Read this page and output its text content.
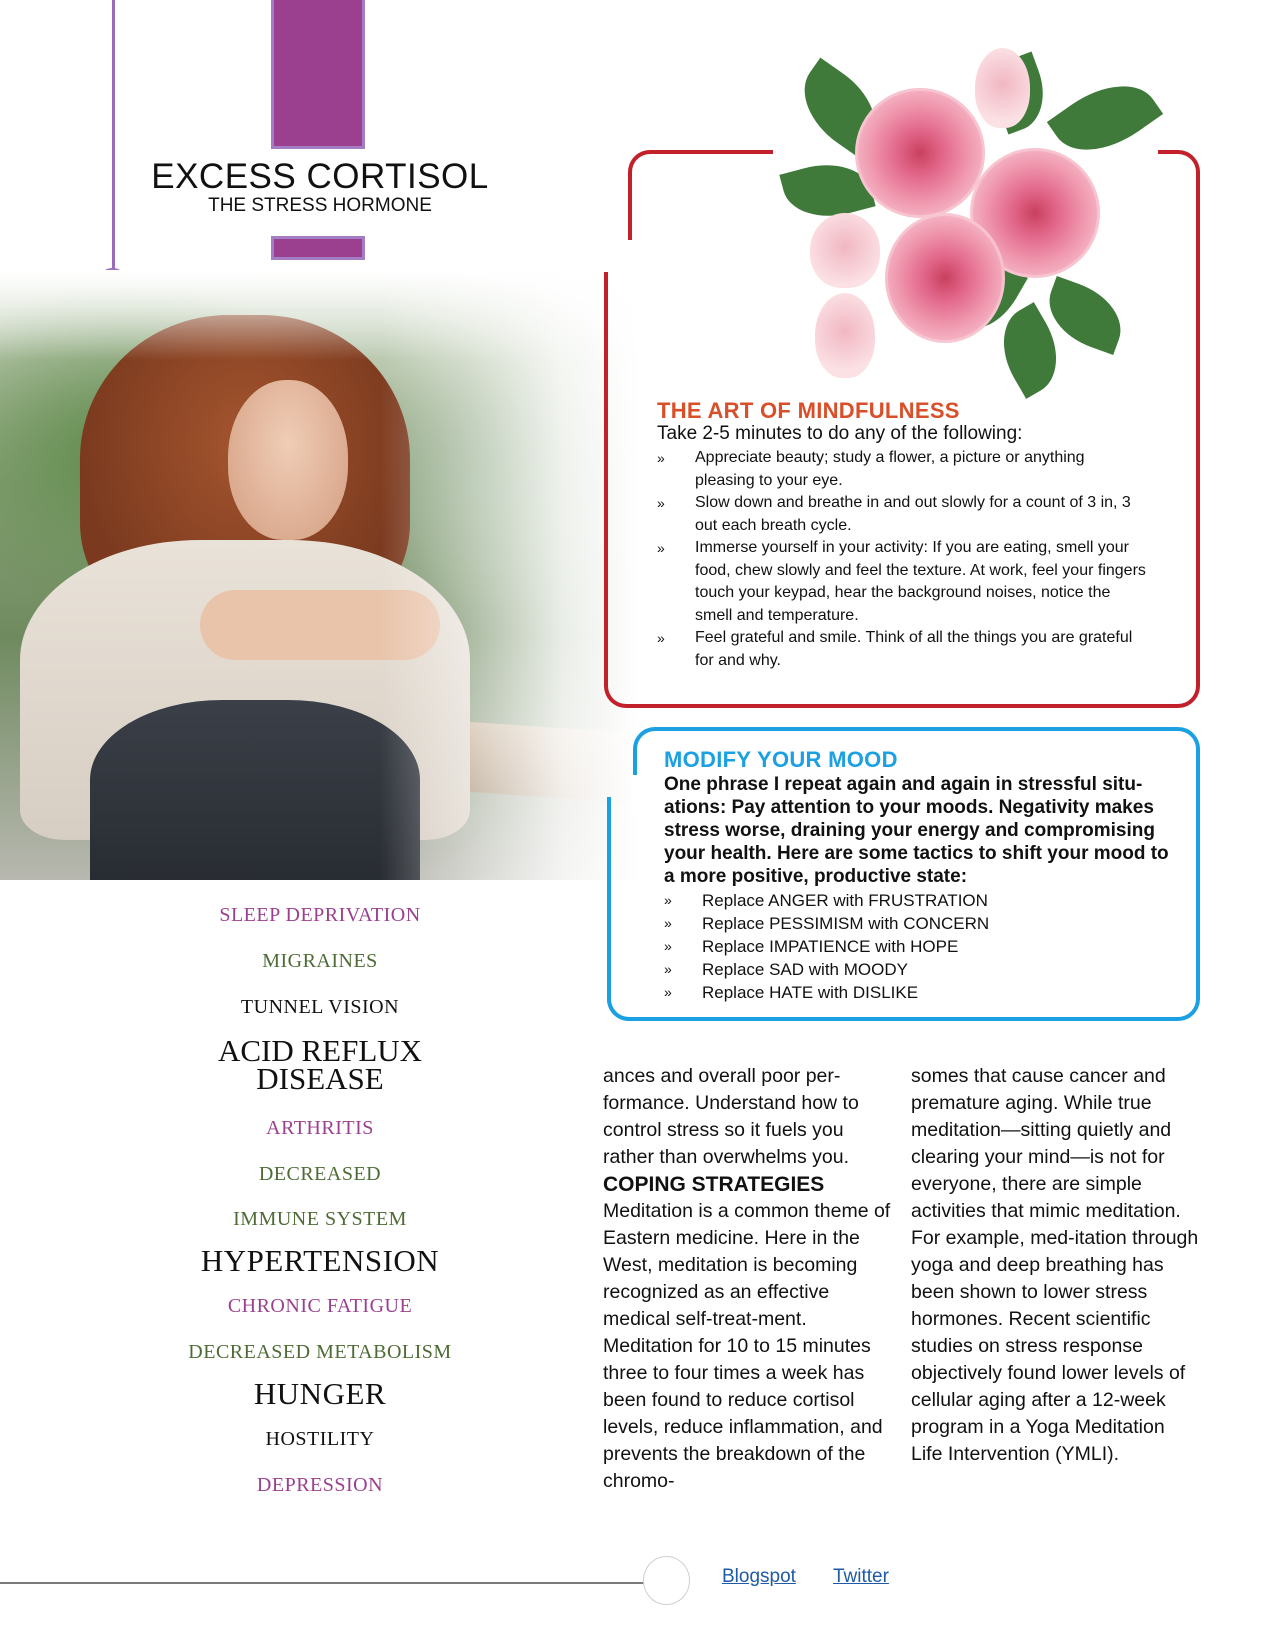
EXCESS CORTISOL
THE STRESS HORMONE
THE ART OF MINDFULNESS
Take 2-5 minutes to do any of the following:
» Appreciate beauty; study a flower, a picture or anything pleasing to your eye.
» Slow down and breathe in and out slowly for a count of 3 in, 3 out each breath cycle.
» Immerse yourself in your activity: If you are eating, smell your food, chew slowly and feel the texture. At work, feel your fingers touch your keypad, hear the background noises, notice the smell and temperature.
» Feel grateful and smile. Think of all the things you are grateful for and why.
MODIFY YOUR MOOD
One phrase I repeat again and again in stressful situ-ations: Pay attention to your moods. Negativity makes stress worse, draining your energy and compromising your health. Here are some tactics to shift your mood to a more positive, productive state:
» Replace ANGER with FRUSTRATION
» Replace PESSIMISM with CONCERN
» Replace IMPATIENCE with HOPE
» Replace SAD with MOODY
» Replace HATE with DISLIKE
SLEEP DEPRIVATION
MIGRAINES
TUNNEL VISION
ACID REFLUX
DISEASE
ARTHRITIS
DECREASED
IMMUNE SYSTEM
HYPERTENSION
CHRONIC FATIGUE
DECREASED METABOLISM
HUNGER
HOSTILITY
DEPRESSION

ances and overall poor per-formance. Understand how to control stress so it fuels you rather than overwhelms you.

COPING STRATEGIES

Meditation is a common theme of Eastern medicine. Here in the West, meditation is becoming recognized as an effective medical self-treat-ment. Meditation for 10 to 15 minutes three to four times a week has been found to reduce cortisol levels, reduce inflammation, and prevents the breakdown of the chromo-

somes that cause cancer and premature aging. While true meditation—sitting quietly and clearing your mind—is not for everyone, there are simple activities that mimic meditation. For example, med-itation through yoga and deep breathing has been shown to lower stress hormones. Recent scientific studies on stress response objectively found lower levels of cellular aging after a 12-week program in a Yoga Meditation Life Intervention (YMLI).

Blogspot Twitter
